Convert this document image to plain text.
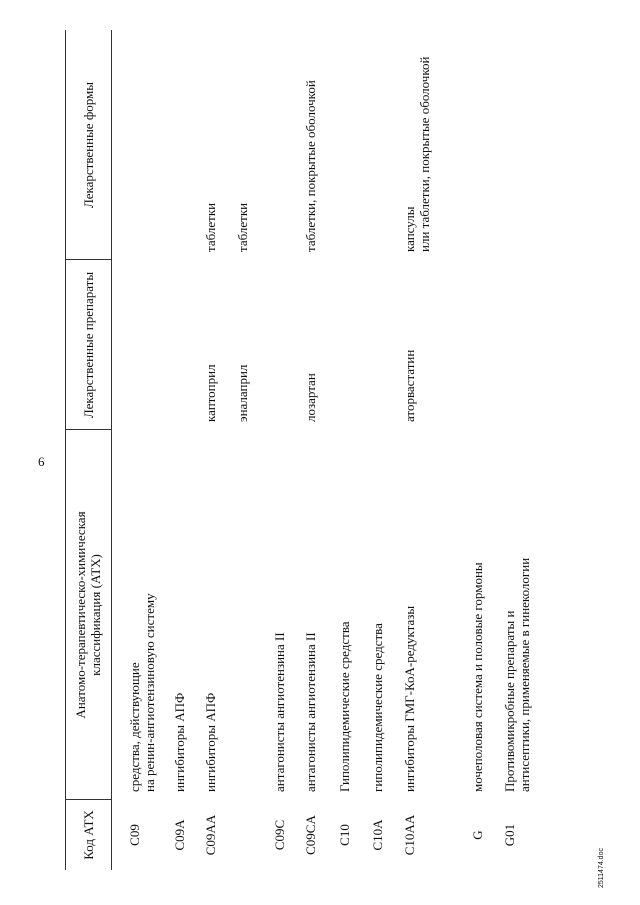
6
Код АТХ
Анатомо-терапевтическо-химическая классификация (АТХ)
Лекарственные препараты
Лекарственные формы
C09
средства, действующие на ренин-ангиотензиновую систему
C09A
ингибиторы АПФ
C09AA
ингибиторы АПФ
каптоприл
таблетки
эналаприл
таблетки
C09C
антагонисты ангиотензина II
C09CA
антагонисты ангиотензина II
лозартан
таблетки, покрытые оболочкой
C10
Гиполипидемические средства
C10A
гиполипидемические средства
C10AA
ингибиторы ГМГ-КоА-редуктазы
аторвастатин
капсулы или таблетки, покрытые оболочкой
G
мочеполовая система и половые гормоны
G01
Противомикробные препараты и антисептики, применяемые в гинекологии
2511474.doc
